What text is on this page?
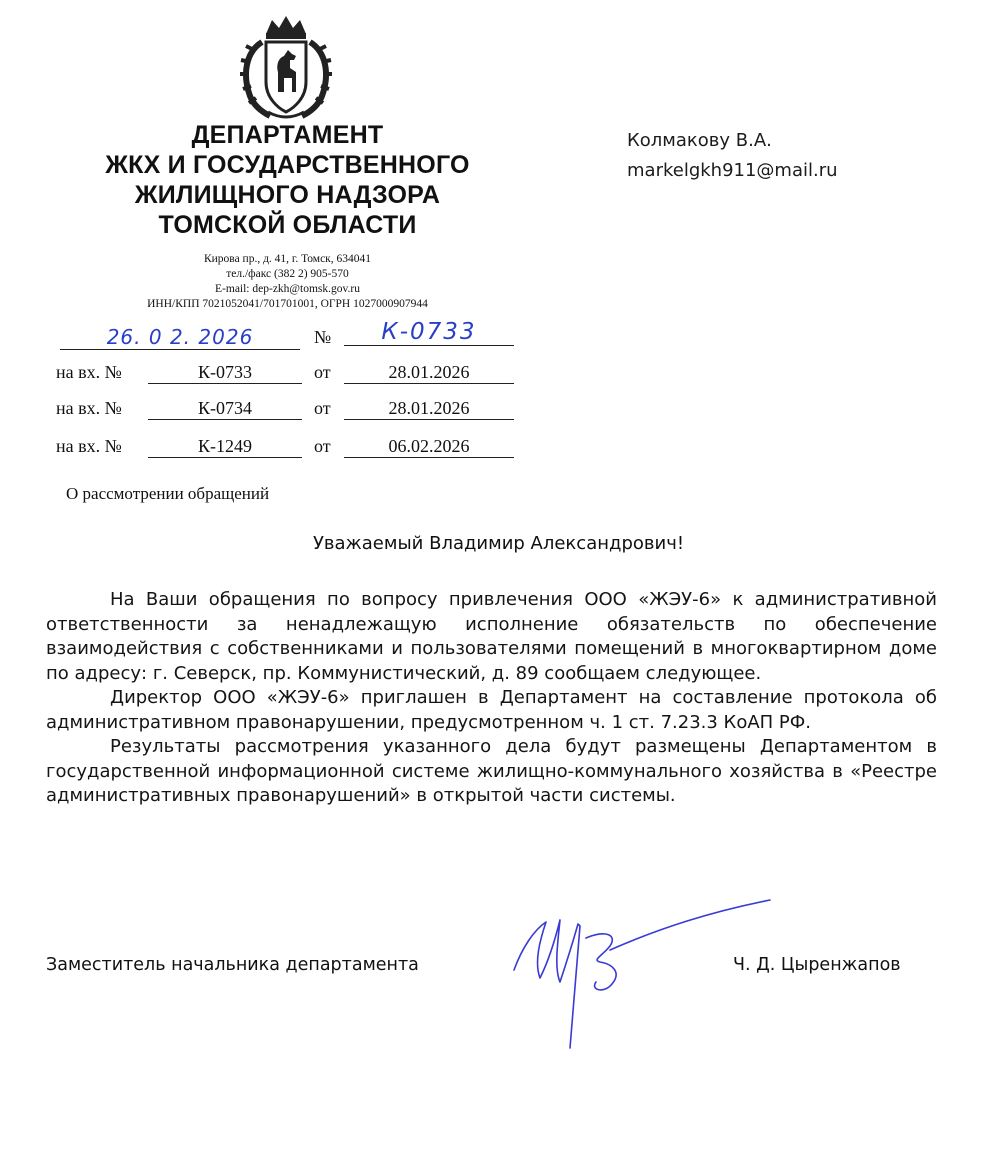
ДЕПАРТАМЕНТ
ЖКХ И ГОСУДАРСТВЕННОГО
ЖИЛИЩНОГО НАДЗОРА
ТОМСКОЙ ОБЛАСТИ
Кирова пр., д. 41, г. Томск, 634041
тел./факс (382 2) 905-570
E-mail: dep-zkh@tomsk.gov.ru
ИНН/КПП 7021052041/701701001, ОГРН 1027000907944
Колмакову В.А.
markelgkh911@mail.ru
26. 0 2. 2026	№	К-0733
на вх. №	К-0733	от	28.01.2026
на вх. №	К-0734	от	28.01.2026
на вх. №	К-1249	от	06.02.2026
О рассмотрении обращений
Уважаемый Владимир Александрович!

На Ваши обращения по вопросу привлечения ООО «ЖЭУ-6» к административной ответственности за ненадлежащую исполнение обязательств по обеспечение взаимодействия с собственниками и пользователями помещений в многоквартирном доме по адресу: г. Северск, пр. Коммунистический, д. 89 сообщаем следующее.

Директор ООО «ЖЭУ-6» приглашен в Департамент на составление протокола об административном правонарушении, предусмотренном ч. 1 ст. 7.23.3 КоАП РФ.

Результаты рассмотрения указанного дела будут размещены Департаментом в государственной информационной системе жилищно-коммунального хозяйства в «Реестре административных правонарушений» в открытой части системы.

Заместитель начальника департамента	Ч. Д. Цыренжапов
